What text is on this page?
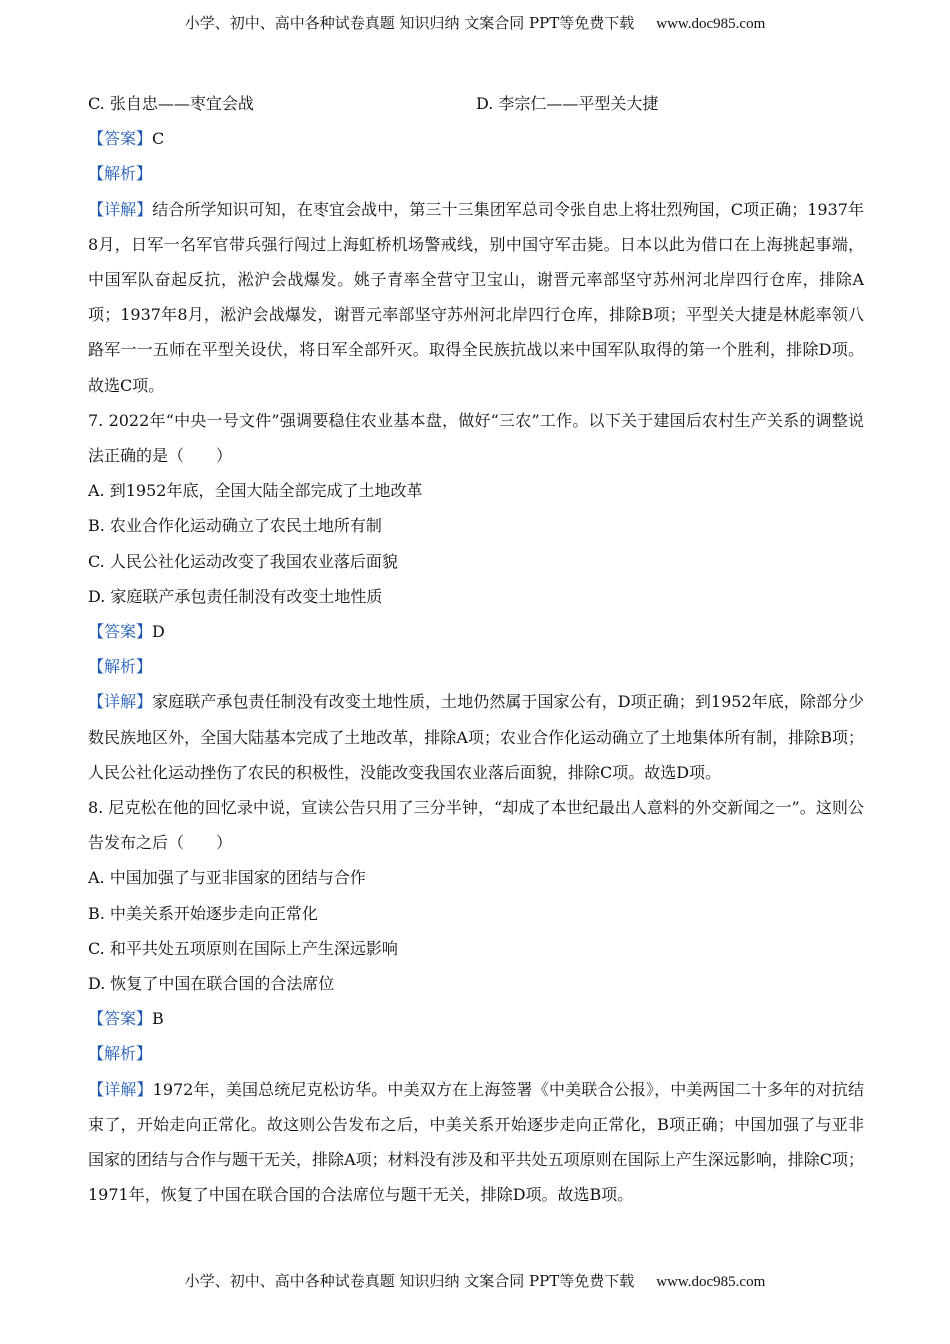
小学、初中、高中各种试卷真题 知识归纳 文案合同 PPT等免费下载 www.doc985.com
C. 张自忠——枣宜会战	D. 李宗仁——平型关大捷
【答案】C
【解析】
【详解】结合所学知识可知，在枣宜会战中，第三十三集团军总司令张自忠上将壮烈殉国，C项正确；1937年8月，日军一名军官带兵强行闯过上海虹桥机场警戒线，别中国守军击毙。日本以此为借口在上海挑起事端，中国军队奋起反抗，淞沪会战爆发。姚子青率全营守卫宝山，谢晋元率部坚守苏州河北岸四行仓库，排除A项；1937年8月，淞沪会战爆发，谢晋元率部坚守苏州河北岸四行仓库，排除B项；平型关大捷是林彪率领八路军一一五师在平型关设伏，将日军全部歼灭。取得全民族抗战以来中国军队取得的第一个胜利，排除D项。故选C项。
7. 2022年“中央一号文件”强调要稳住农业基本盘，做好“三农”工作。以下关于建国后农村生产关系的调整说法正确的是（　　）
A. 到1952年底，全国大陆全部完成了土地改革
B. 农业合作化运动确立了农民土地所有制
C. 人民公社化运动改变了我国农业落后面貌
D. 家庭联产承包责任制没有改变土地性质
【答案】D
【解析】
【详解】家庭联产承包责任制没有改变土地性质，土地仍然属于国家公有，D项正确；到1952年底，除部分少数民族地区外，全国大陆基本完成了土地改革，排除A项；农业合作化运动确立了土地集体所有制，排除B项；人民公社化运动挫伤了农民的积极性，没能改变我国农业落后面貌，排除C项。故选D项。
8. 尼克松在他的回忆录中说，宣读公告只用了三分半钟，“却成了本世纪最出人意料的外交新闻之一”。这则公告发布之后（　　）
A. 中国加强了与亚非国家的团结与合作
B. 中美关系开始逐步走向正常化
C. 和平共处五项原则在国际上产生深远影响
D. 恢复了中国在联合国的合法席位
【答案】B
【解析】
【详解】1972年，美国总统尼克松访华。中美双方在上海签署《中美联合公报》，中美两国二十多年的对抗结束了，开始走向正常化。故这则公告发布之后，中美关系开始逐步走向正常化，B项正确；中国加强了与亚非国家的团结与合作与题干无关，排除A项；材料没有涉及和平共处五项原则在国际上产生深远影响，排除C项；1971年，恢复了中国在联合国的合法席位与题干无关，排除D项。故选B项。
小学、初中、高中各种试卷真题 知识归纳 文案合同 PPT等免费下载 www.doc985.com
